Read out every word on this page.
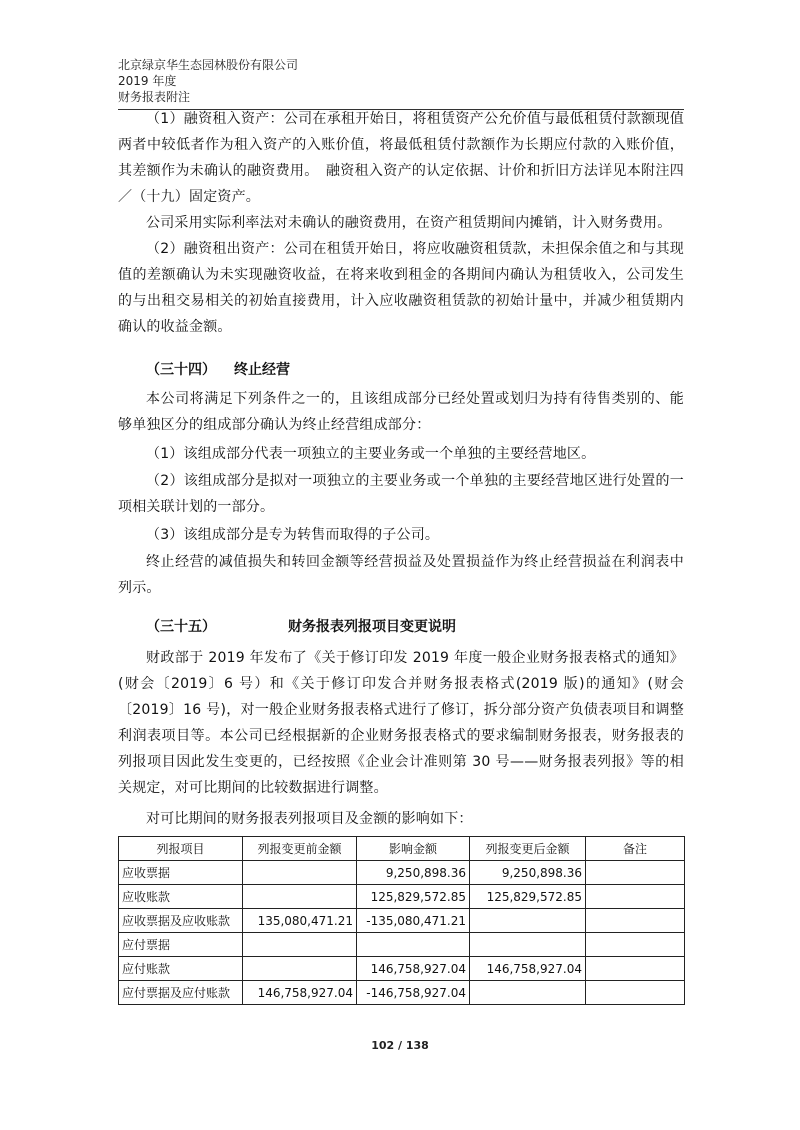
北京绿京华生态园林股份有限公司
2019 年度
财务报表附注
（1）融资租入资产：公司在承租开始日，将租赁资产公允价值与最低租赁付款额现值两者中较低者作为租入资产的入账价值，将最低租赁付款额作为长期应付款的入账价值，其差额作为未确认的融资费用。　融资租入资产的认定依据、计价和折旧方法详见本附注四／（十九）固定资产。
公司采用实际利率法对未确认的融资费用，在资产租赁期间内摊销，计入财务费用。
（2）融资租出资产：公司在租赁开始日，将应收融资租赁款，未担保余值之和与其现值的差额确认为未实现融资收益，在将来收到租金的各期间内确认为租赁收入，公司发生的与出租交易相关的初始直接费用，计入应收融资租赁款的初始计量中，并减少租赁期内确认的收益金额。
（三十四） 终止经营
本公司将满足下列条件之一的，且该组成部分已经处置或划归为持有待售类别的、能够单独区分的组成部分确认为终止经营组成部分：
（1）该组成部分代表一项独立的主要业务或一个单独的主要经营地区。
（2）该组成部分是拟对一项独立的主要业务或一个单独的主要经营地区进行处置的一项相关联计划的一部分。
（3）该组成部分是专为转售而取得的子公司。
终止经营的减值损失和转回金额等经营损益及处置损益作为终止经营损益在利润表中列示。
（三十五）	财务报表列报项目变更说明
财政部于 2019 年发布了《关于修订印发 2019 年度一般企业财务报表格式的通知》(财会〔2019〕6 号）和《关于修订印发合并财务报表格式(2019 版)的通知》(财会〔2019〕16 号)，对一般企业财务报表格式进行了修订，拆分部分资产负债表项目和调整利润表项目等。本公司已经根据新的企业财务报表格式的要求编制财务报表，财务报表的列报项目因此发生变更的，已经按照《企业会计准则第 30 号——财务报表列报》等的相关规定，对可比期间的比较数据进行调整。
对可比期间的财务报表列报项目及金额的影响如下：
列报项目	列报变更前金额	影响金额	列报变更后金额	备注
应收票据		9,250,898.36	9,250,898.36	
应收账款		125,829,572.85	125,829,572.85	
应收票据及应收账款	135,080,471.21	-135,080,471.21		
应付票据				
应付账款		146,758,927.04	146,758,927.04	
应付票据及应付账款	146,758,927.04	-146,758,927.04		
102 / 138
